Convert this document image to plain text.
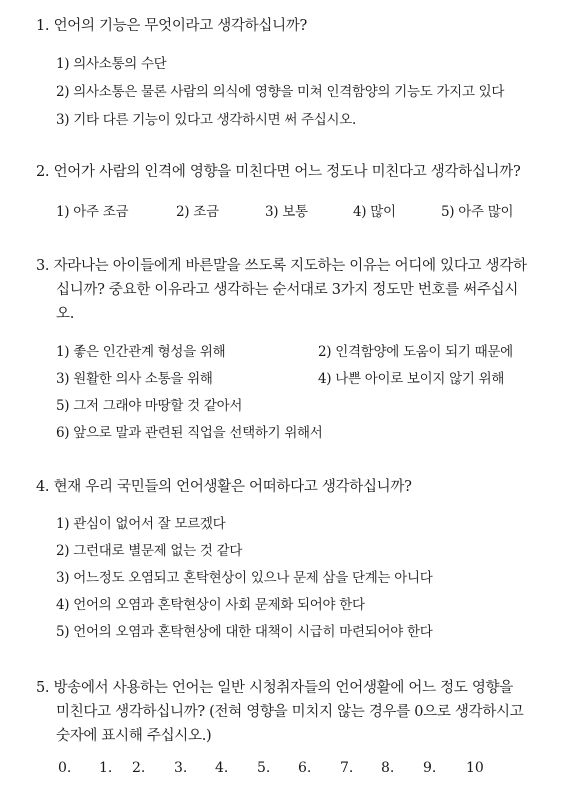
1. 언어의 기능은 무엇이라고 생각하십니까?
1) 의사소통의 수단
2) 의사소통은 물론 사람의 의식에 영향을 미쳐 인격함양의 기능도 가지고 있다
3) 기타 다른 기능이 있다고 생각하시면 써 주십시오.
2. 언어가 사람의 인격에 영향을 미친다면 어느 정도나 미친다고 생각하십니까?
1) 아주 조금	2) 조금	3) 보통	4) 많이	5) 아주 많이
3. 자라나는 아이들에게 바른말을 쓰도록 지도하는 이유는 어디에 있다고 생각하
십니까? 중요한 이유라고 생각하는 순서대로 3가지 정도만 번호를 써주십시
오.
1) 좋은 인간관계 형성을 위해	2) 인격함양에 도움이 되기 때문에
3) 원활한 의사 소통을 위해	4) 나쁜 아이로 보이지 않기 위해
5) 그저 그래야 마땅할 것 같아서
6) 앞으로 말과 관련된 직업을 선택하기 위해서
4. 현재 우리 국민들의 언어생활은 어떠하다고 생각하십니까?
1) 관심이 없어서 잘 모르겠다
2) 그런대로 별문제 없는 것 같다
3) 어느정도 오염되고 혼탁현상이 있으나 문제 삼을 단계는 아니다
4) 언어의 오염과 혼탁현상이 사회 문제화 되어야 한다
5) 언어의 오염과 혼탁현상에 대한 대책이 시급히 마련되어야 한다
5. 방송에서 사용하는 언어는 일반 시청취자들의 언어생활에 어느 정도 영향을
미친다고 생각하십니까? (전혀 영향을 미치지 않는 경우를 0으로 생각하시고
숫자에 표시해 주십시오.)
0. 1. 2. 3. 4. 5. 6. 7. 8. 9. 10
